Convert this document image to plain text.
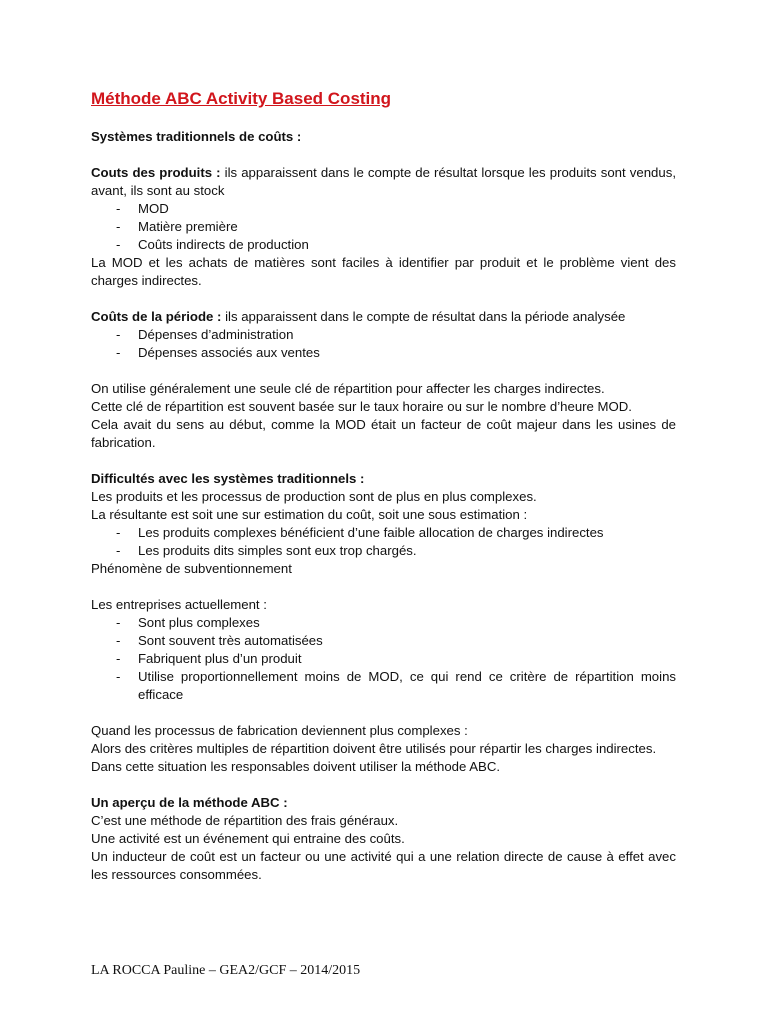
Méthode ABC Activity Based Costing
Systèmes traditionnels de coûts :

Couts des produits : ils apparaissent dans le compte de résultat lorsque les produits sont vendus, avant, ils sont au stock

- MOD
- Matière première
- Coûts indirects de production

La MOD et les achats de matières sont faciles à identifier par produit et le problème vient des charges indirectes.

Coûts de la période : ils apparaissent dans le compte de résultat dans la période analysée

- Dépenses d’administration
- Dépenses associés aux ventes

On utilise généralement une seule clé de répartition pour affecter les charges indirectes.

Cette clé de répartition est souvent basée sur le taux horaire ou sur le nombre d’heure MOD.

Cela avait du sens au début, comme la MOD était un facteur de coût majeur dans les usines de fabrication.

Difficultés avec les systèmes traditionnels :

Les produits et les processus de production sont de plus en plus complexes.

La résultante est soit une sur estimation du coût, soit une sous estimation :

- Les produits complexes bénéficient d’une faible allocation de charges indirectes
- Les produits dits simples sont eux trop chargés.

Phénomène de subventionnement

Les entreprises actuellement :

- Sont plus complexes
- Sont souvent très automatisées
- Fabriquent plus d’un produit
- Utilise proportionnellement moins de MOD, ce qui rend ce critère de répartition moins efficace

Quand les processus de fabrication deviennent plus complexes :

Alors des critères multiples de répartition doivent être utilisés pour répartir les charges indirectes.

Dans cette situation les responsables doivent utiliser la méthode ABC.

Un aperçu de la méthode ABC :

C’est une méthode de répartition des frais généraux.

Une activité est un événement qui entraine des coûts.

Un inducteur de coût est un facteur ou une activité qui a une relation directe de cause à effet avec les ressources consommées.

LA ROCCA Pauline – GEA2/GCF – 2014/2015
